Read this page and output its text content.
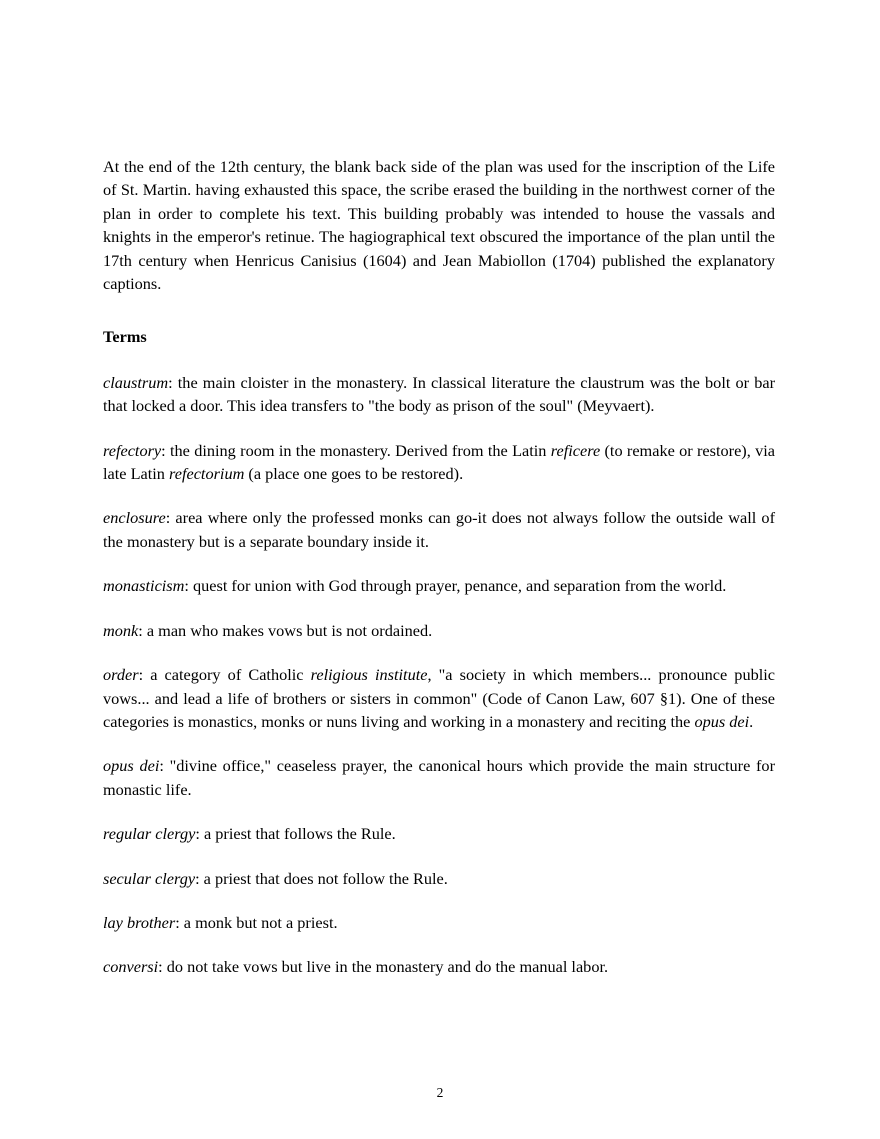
At the end of the 12th century, the blank back side of the plan was used for the inscription of the Life of St. Martin. having exhausted this space, the scribe erased the building in the northwest corner of the plan in order to complete his text. This building probably was intended to house the vassals and knights in the emperor's retinue. The hagiographical text obscured the importance of the plan until the 17th century when Henricus Canisius (1604) and Jean Mabiollon (1704) published the explanatory captions.

Terms

claustrum: the main cloister in the monastery. In classical literature the claustrum was the bolt or bar that locked a door. This idea transfers to "the body as prison of the soul" (Meyvaert).

refectory: the dining room in the monastery. Derived from the Latin reficere (to remake or restore), via late Latin refectorium (a place one goes to be restored).

enclosure: area where only the professed monks can go-it does not always follow the outside wall of the monastery but is a separate boundary inside it.

monasticism: quest for union with God through prayer, penance, and separation from the world.

monk: a man who makes vows but is not ordained.

order: a category of Catholic religious institute, "a society in which members... pronounce public vows... and lead a life of brothers or sisters in common" (Code of Canon Law, 607 §1). One of these categories is monastics, monks or nuns living and working in a monastery and reciting the opus dei.

opus dei: "divine office," ceaseless prayer, the canonical hours which provide the main structure for monastic life.

regular clergy: a priest that follows the Rule.

secular clergy: a priest that does not follow the Rule.

lay brother: a monk but not a priest.

conversi: do not take vows but live in the monastery and do the manual labor.

2
